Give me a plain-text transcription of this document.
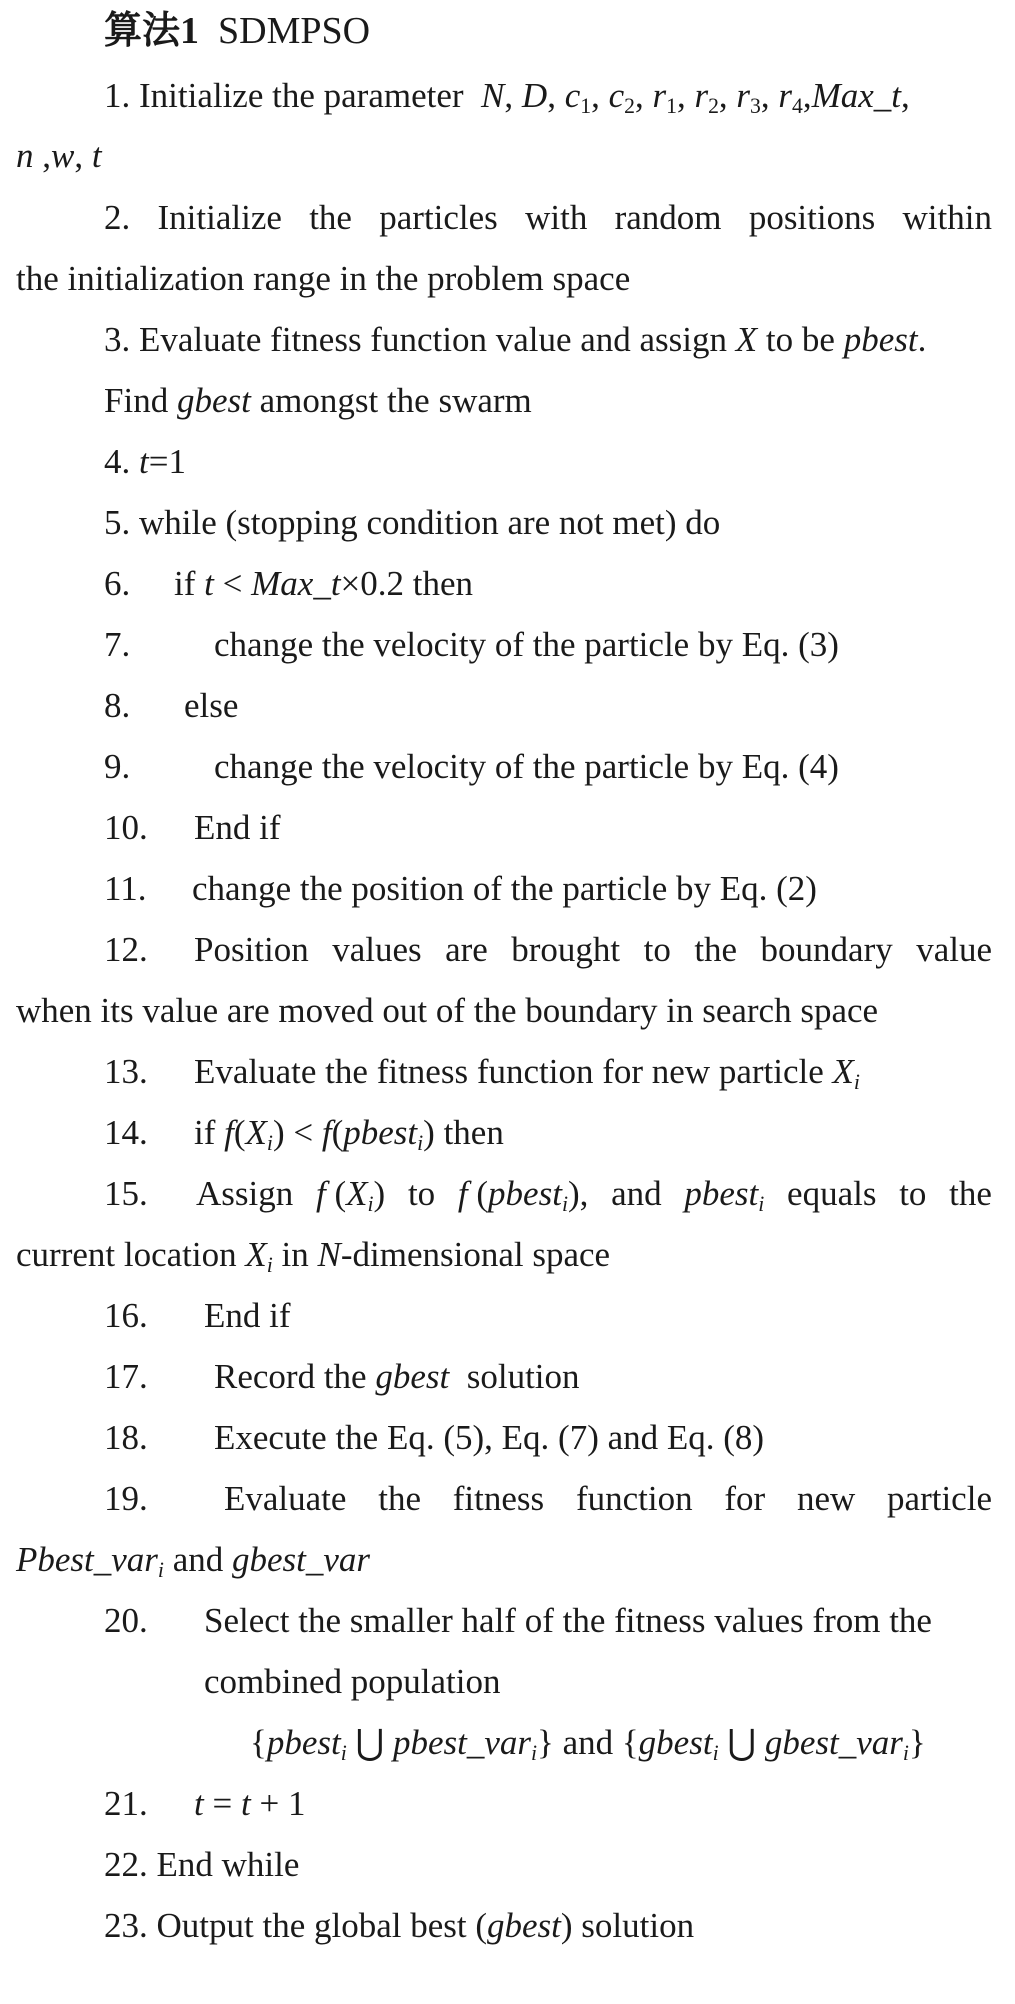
算法1 SDMPSO
1. Initialize the parameter  N, D, $c_1$, $c_2$, $r_1$, $r_2$, $r_3$, $r_4,Max\_t$,
n ,w, t
2. Initialize the particles with random positions within
the initialization range in the problem space
3. Evaluate fitness function value and assign X to be pbest.
Find gbest amongst the swarm
4. t=1
5. while (stopping condition are not met) do
6. if t < Max_t×0.2 then
7. change the velocity of the particle by Eq. (3)
8. else
9. change the velocity of the particle by Eq. (4)
10. End if
11. change the position of the particle by Eq. (2)
12. Position values are brought to the boundary value
when its value are moved out of the boundary in search space
13. Evaluate the fitness function for new particle $X_i$
14. if $f(X_i)$ < f(pbest$_i$) then
15. Assign f $(X_i)$ to f (pbest$_i$), and pbest$_i$ equals to the
current location $X_i$ in N-dimensional space
16. End if
17. Record the gbest  solution
18. Execute the Eq. (5), Eq. (7) and Eq. (8)
19. Evaluate the fitness function for new particle
Pbest_var$_i$ and gbest_var
20. Select the smaller half of the fitness values from the
combined population
{pbest$_i$ ⋃ pbest_var$_i$} and {gbest$_i$ ⋃ gbest_var$_i$}
21. t = t + 1
22. End while
23. Output the global best (gbest) solution
